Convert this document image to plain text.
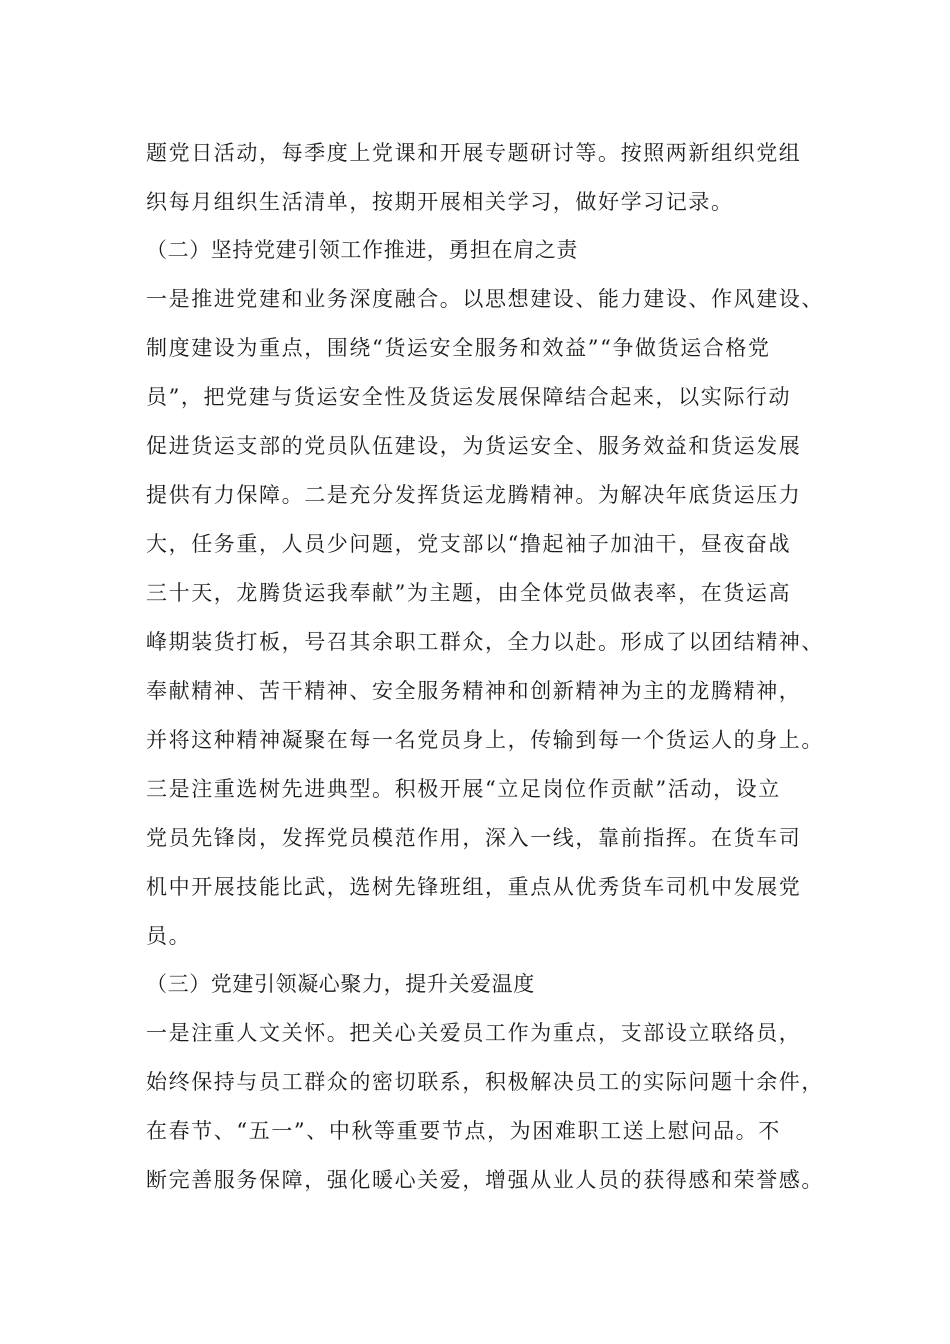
题党日活动，每季度上党课和开展专题研讨等。按照两新组织党组
织每月组织生活清单，按期开展相关学习，做好学习记录。
（二）坚持党建引领工作推进，勇担在肩之责
一是推进党建和业务深度融合。以思想建设、能力建设、作风建设、
制度建设为重点，围绕“货运安全服务和效益”“争做货运合格党
员”，把党建与货运安全性及货运发展保障结合起来，以实际行动
促进货运支部的党员队伍建设，为货运安全、服务效益和货运发展
提供有力保障。二是充分发挥货运龙腾精神。为解决年底货运压力
大，任务重，人员少问题，党支部以“撸起袖子加油干，昼夜奋战
三十天，龙腾货运我奉献”为主题，由全体党员做表率，在货运高
峰期装货打板，号召其余职工群众，全力以赴。形成了以团结精神、
奉献精神、苦干精神、安全服务精神和创新精神为主的龙腾精神，
并将这种精神凝聚在每一名党员身上，传输到每一个货运人的身上。
三是注重选树先进典型。积极开展“立足岗位作贡献”活动，设立
党员先锋岗，发挥党员模范作用，深入一线，靠前指挥。在货车司
机中开展技能比武，选树先锋班组，重点从优秀货车司机中发展党
员。
（三）党建引领凝心聚力，提升关爱温度
一是注重人文关怀。把关心关爱员工作为重点，支部设立联络员，
始终保持与员工群众的密切联系，积极解决员工的实际问题十余件，
在春节、“五一”、中秋等重要节点，为困难职工送上慰问品。不
断完善服务保障，强化暖心关爱，增强从业人员的获得感和荣誉感。
